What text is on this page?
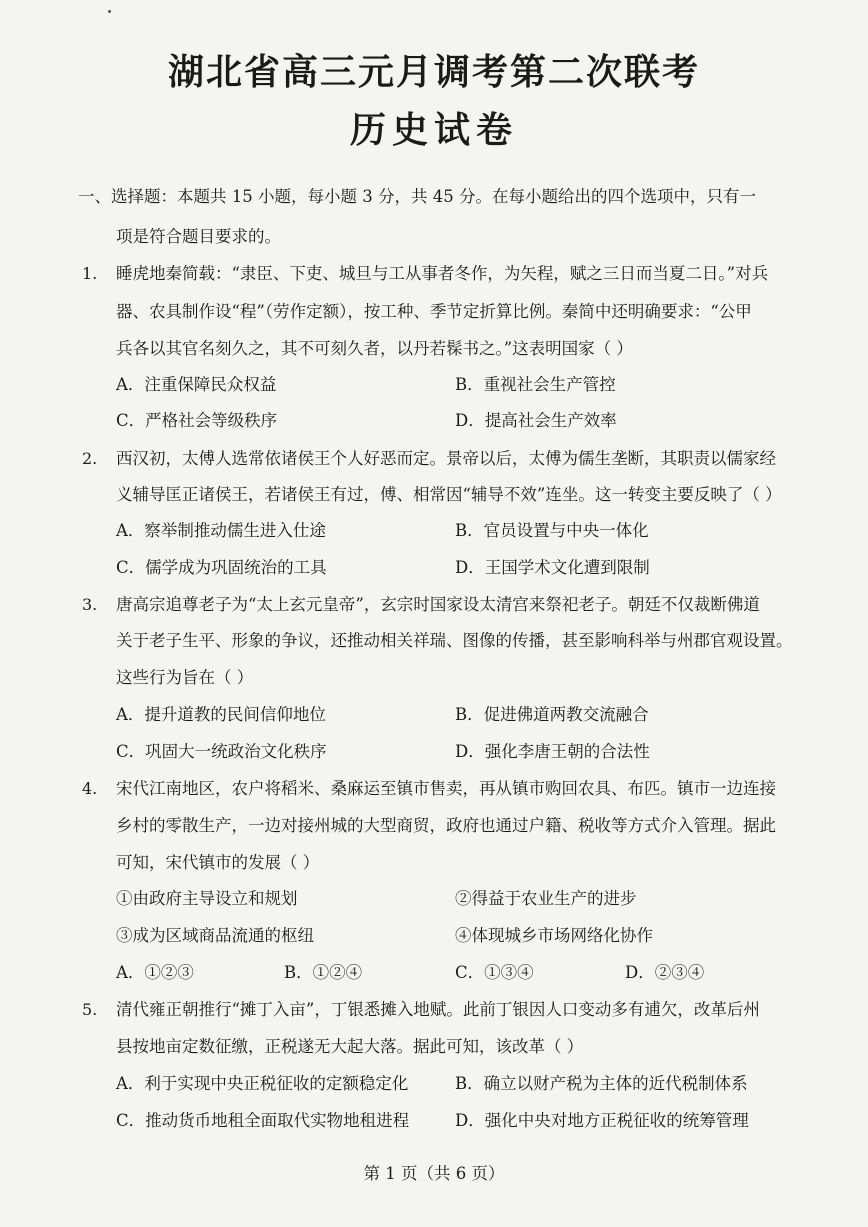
湖北省高三元月调考第二次联考
历史试卷
一、选择题：本题共 15 小题，每小题 3 分，共 45 分。在每小题给出的四个选项中，只有一
项是符合题目要求的。
1. 睡虎地秦简载：“隶臣、下吏、城旦与工从事者冬作，为矢程，赋之三日而当夏二日。”对兵
器、农具制作设“程”（劳作定额），按工种、季节定折算比例。秦简中还明确要求：“公甲
兵各以其官名刻久之，其不可刻久者，以丹若髹书之。”这表明国家（ ）
A．注重保障民众权益	B．重视社会生产管控
C．严格社会等级秩序	D．提高社会生产效率
2. 西汉初，太傅人选常依诸侯王个人好恶而定。景帝以后，太傅为儒生垄断，其职责以儒家经
义辅导匡正诸侯王，若诸侯王有过，傅、相常因“辅导不效”连坐。这一转变主要反映了（ ）
A．察举制推动儒生进入仕途	B．官员设置与中央一体化
C．儒学成为巩固统治的工具	D．王国学术文化遭到限制
3. 唐高宗追尊老子为“太上玄元皇帝”，玄宗时国家设太清宫来祭祀老子。朝廷不仅裁断佛道
关于老子生平、形象的争议，还推动相关祥瑞、图像的传播，甚至影响科举与州郡官观设置。
这些行为旨在（ ）
A．提升道教的民间信仰地位	B．促进佛道两教交流融合
C．巩固大一统政治文化秩序	D．强化李唐王朝的合法性
4. 宋代江南地区，农户将稻米、桑麻运至镇市售卖，再从镇市购回农具、布匹。镇市一边连接
乡村的零散生产，一边对接州城的大型商贸，政府也通过户籍、税收等方式介入管理。据此
可知，宋代镇市的发展（ ）
①由政府主导设立和规划	②得益于农业生产的进步
③成为区域商品流通的枢纽	④体现城乡市场网络化协作
A．①②③	B．①②④	C．①③④	D．②③④
5. 清代雍正朝推行“摊丁入亩”，丁银悉摊入地赋。此前丁银因人口变动多有逋欠，改革后州
县按地亩定数征缴，正税遂无大起大落。据此可知，该改革（ ）
A．利于实现中央正税征收的定额稳定化	B．确立以财产税为主体的近代税制体系
C．推动货币地租全面取代实物地租进程	D．强化中央对地方正税征收的统筹管理
第 1 页（共 6 页）
